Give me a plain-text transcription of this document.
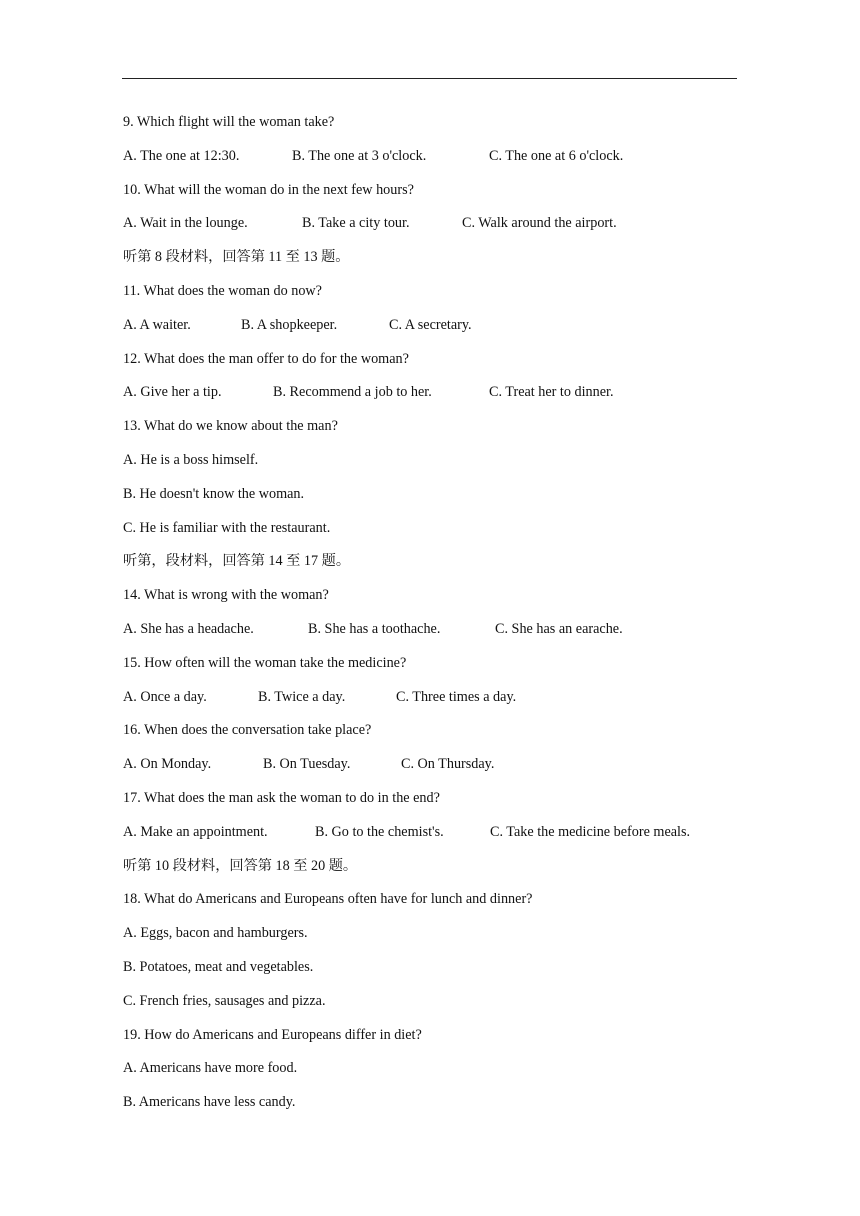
9. Which flight will the woman take?
A. The one at 12:30.	B. The one at 3 o'clock.	C. The one at 6 o'clock.
10. What will the woman do in the next few hours?
A. Wait in the lounge.	B. Take a city tour.	C. Walk around the airport.
听第 8 段材料，回答第 11 至 13 题。
11. What does the woman do now?
A. A waiter.	B. A shopkeeper.	C. A secretary.
12. What does the man offer to do for the woman?
A. Give her a tip.	B. Recommend a job to her.	C. Treat her to dinner.
13. What do we know about the man?
A. He is a boss himself.
B. He doesn't know the woman.
C. He is familiar with the restaurant.
听第，段材料，回答第 14 至 17 题。
14. What is wrong with the woman?
A. She has a headache.	B. She has a toothache.	C. She has an earache.
15. How often will the woman take the medicine?
A. Once a day.	B. Twice a day.	C. Three times a day.
16. When does the conversation take place?
A. On Monday.	B. On Tuesday.	C. On Thursday.
17. What does the man ask the woman to do in the end?
A. Make an appointment.	B. Go to the chemist's.	C. Take the medicine before meals.
听第 10 段材料，回答第 18 至 20 题。
18. What do Americans and Europeans often have for lunch and dinner?
A. Eggs, bacon and hamburgers.
B. Potatoes, meat and vegetables.
C. French fries, sausages and pizza.
19. How do Americans and Europeans differ in diet?
A. Americans have more food.
B. Americans have less candy.
